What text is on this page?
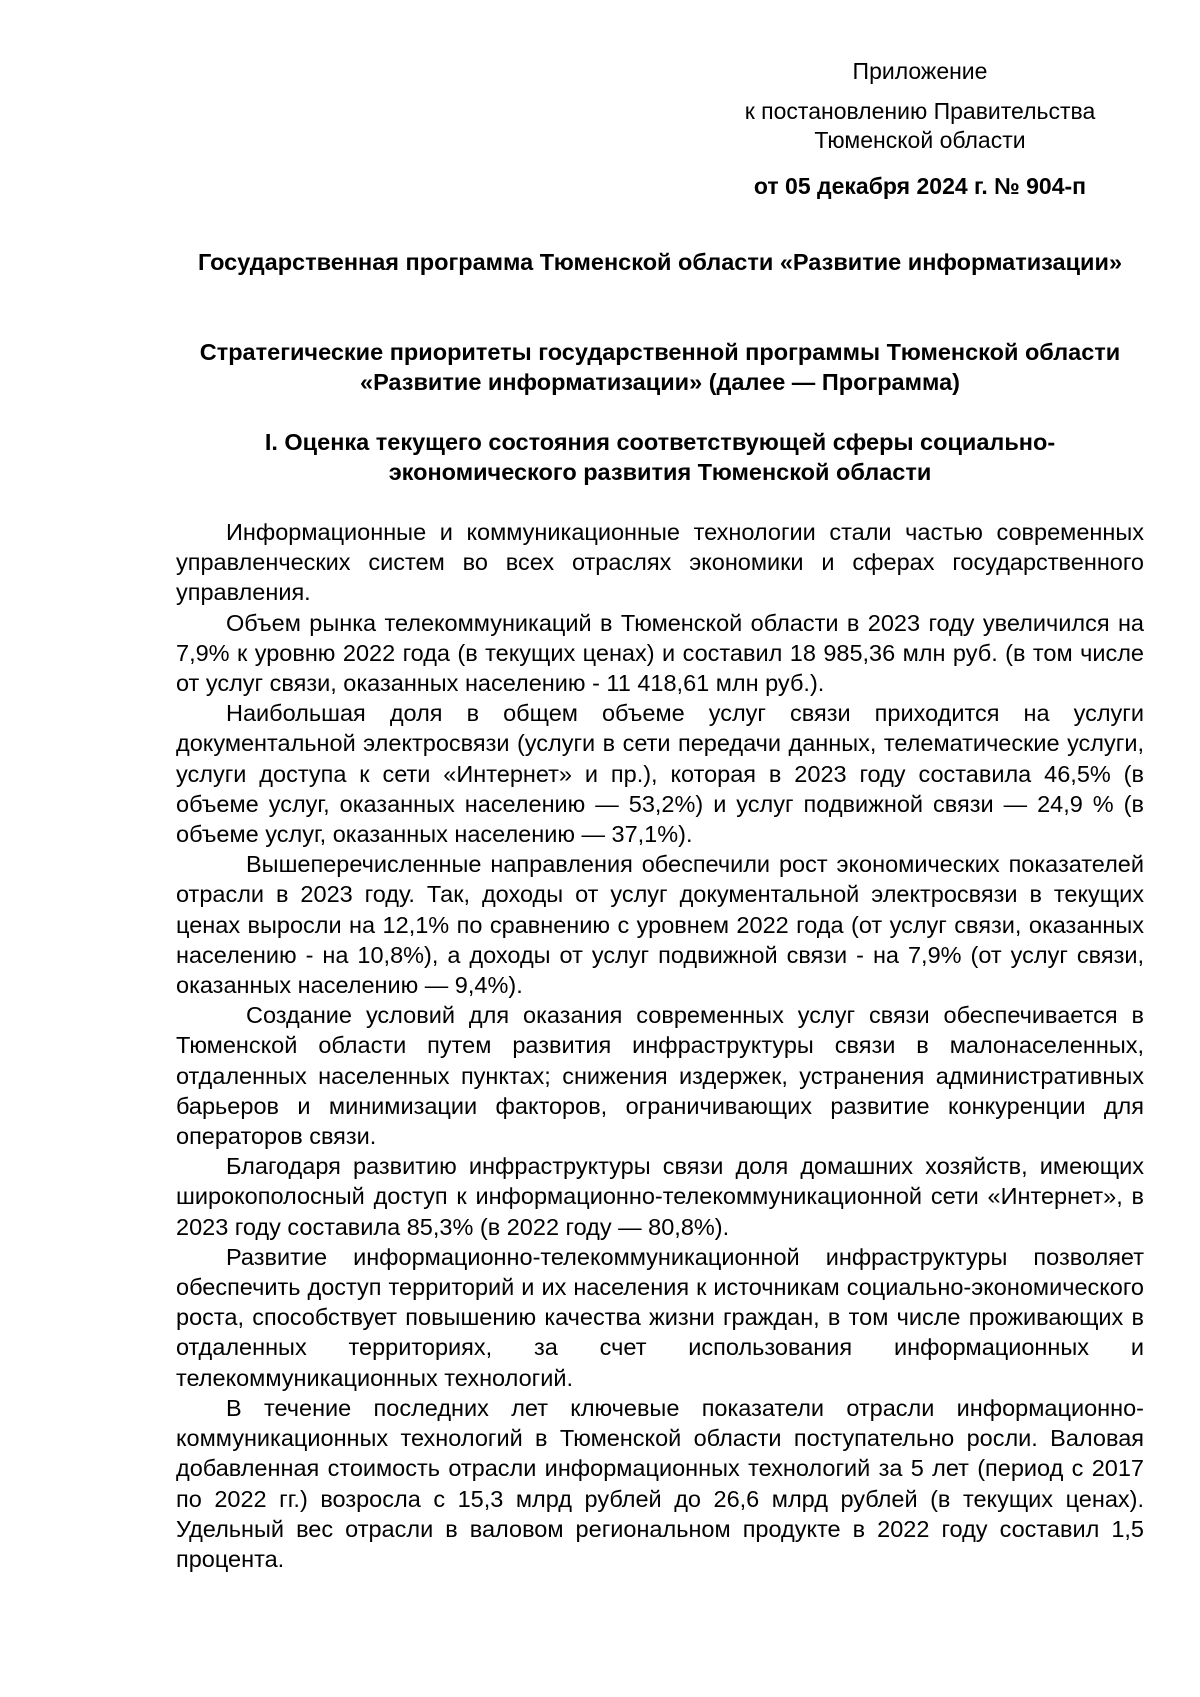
Приложение
к постановлению Правительства Тюменской области
от 05 декабря 2024 г. № 904-п
Государственная программа Тюменской области «Развитие информатизации»
Стратегические приоритеты государственной программы Тюменской области «Развитие информатизации» (далее — Программа)
I. Оценка текущего состояния соответствующей сферы социально-экономического развития Тюменской области

Информационные и коммуникационные технологии стали частью современных управленческих систем во всех отраслях экономики и сферах государственного управления.

Объем рынка телекоммуникаций в Тюменской области в 2023 году увеличился на 7,9% к уровню 2022 года (в текущих ценах) и составил 18 985,36 млн руб. (в том числе от услуг связи, оказанных населению - 11 418,61 млн руб.).

Наибольшая доля в общем объеме услуг связи приходится на услуги документальной электросвязи (услуги в сети передачи данных, телематические услуги, услуги доступа к сети «Интернет» и пр.), которая в 2023 году составила 46,5% (в объеме услуг, оказанных населению — 53,2%) и услуг подвижной связи — 24,9 % (в объеме услуг, оказанных населению — 37,1%).

Вышеперечисленные направления обеспечили рост экономических показателей отрасли в 2023 году. Так, доходы от услуг документальной электросвязи в текущих ценах выросли на 12,1% по сравнению с уровнем 2022 года (от услуг связи, оказанных населению - на 10,8%), а доходы от услуг подвижной связи - на 7,9% (от услуг связи, оказанных населению — 9,4%).

Создание условий для оказания современных услуг связи обеспечивается в Тюменской области путем развития инфраструктуры связи в малонаселенных, отдаленных населенных пунктах; снижения издержек, устранения административных барьеров и минимизации факторов, ограничивающих развитие конкуренции для операторов связи.

Благодаря развитию инфраструктуры связи доля домашних хозяйств, имеющих широкополосный доступ к информационно-телекоммуникационной сети «Интернет», в 2023 году составила 85,3% (в 2022 году — 80,8%).

Развитие информационно-телекоммуникационной инфраструктуры позволяет обеспечить доступ территорий и их населения к источникам социально-экономического роста, способствует повышению качества жизни граждан, в том числе проживающих в отдаленных территориях, за счет использования информационных и телекоммуникационных технологий.

В течение последних лет ключевые показатели отрасли информационно-коммуникационных технологий в Тюменской области поступательно росли. Валовая добавленная стоимость отрасли информационных технологий за 5 лет (период с 2017 по 2022 гг.) возросла с 15,3 млрд рублей до 26,6 млрд рублей (в текущих ценах). Удельный вес отрасли в валовом региональном продукте в 2022 году составил 1,5 процента.
